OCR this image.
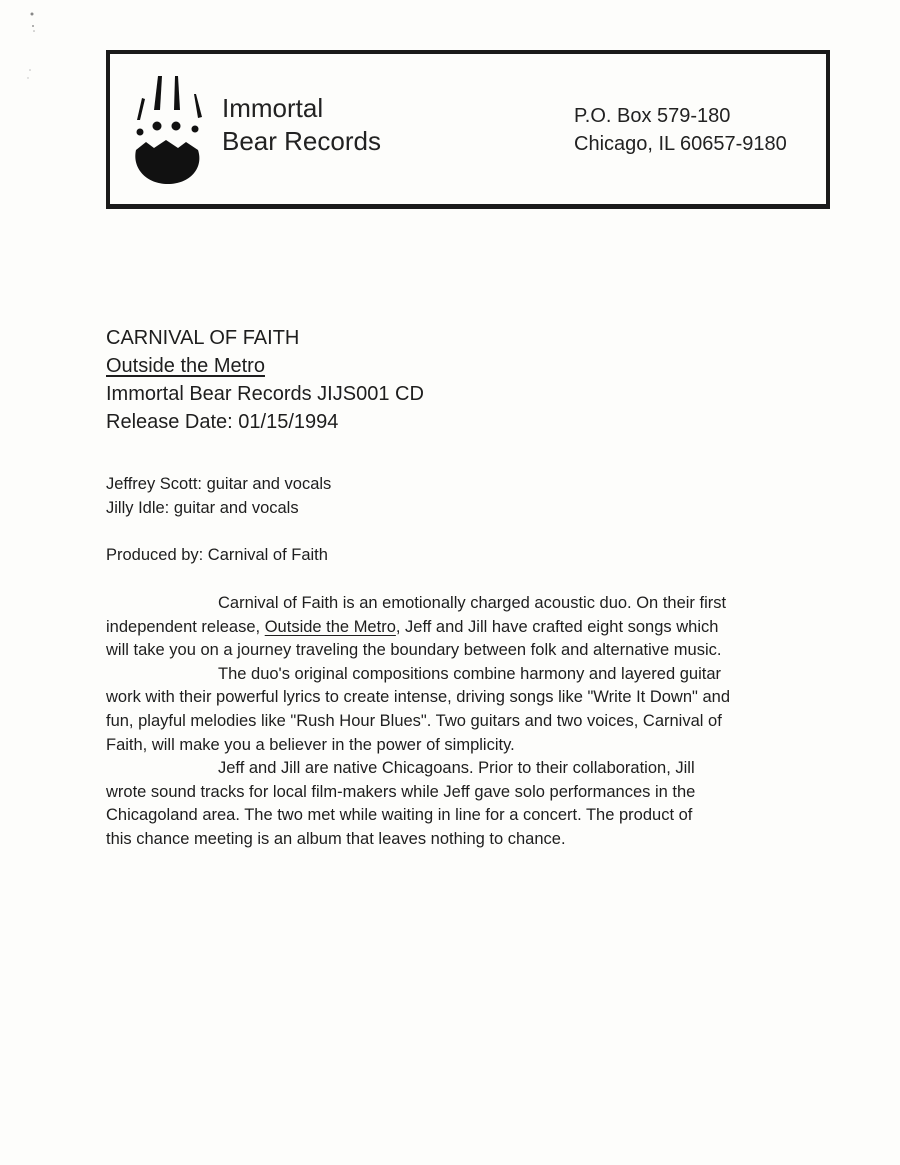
Immortal
Bear Records
P.O. Box 579-180
Chicago, IL 60657-9180
CARNIVAL OF FAITH
Outside the Metro
Immortal Bear Records JIJS001 CD
Release Date: 01/15/1994
Jeffrey Scott: guitar and vocals
Jilly Idle: guitar and vocals
Produced by: Carnival of Faith
Carnival of Faith is an emotionally charged acoustic duo. On their first
independent release, Outside the Metro, Jeff and Jill have crafted eight songs which
will take you on a journey traveling the boundary between folk and alternative music.
The duo's original compositions combine harmony and layered guitar
work with their powerful lyrics to create intense, driving songs like "Write It Down" and
fun, playful melodies like "Rush Hour Blues". Two guitars and two voices, Carnival of
Faith, will make you a believer in the power of simplicity.
Jeff and Jill are native Chicagoans. Prior to their collaboration, Jill
wrote sound tracks for local film-makers while Jeff gave solo performances in the
Chicagoland area. The two met while waiting in line for a concert. The product of
this chance meeting is an album that leaves nothing to chance.
